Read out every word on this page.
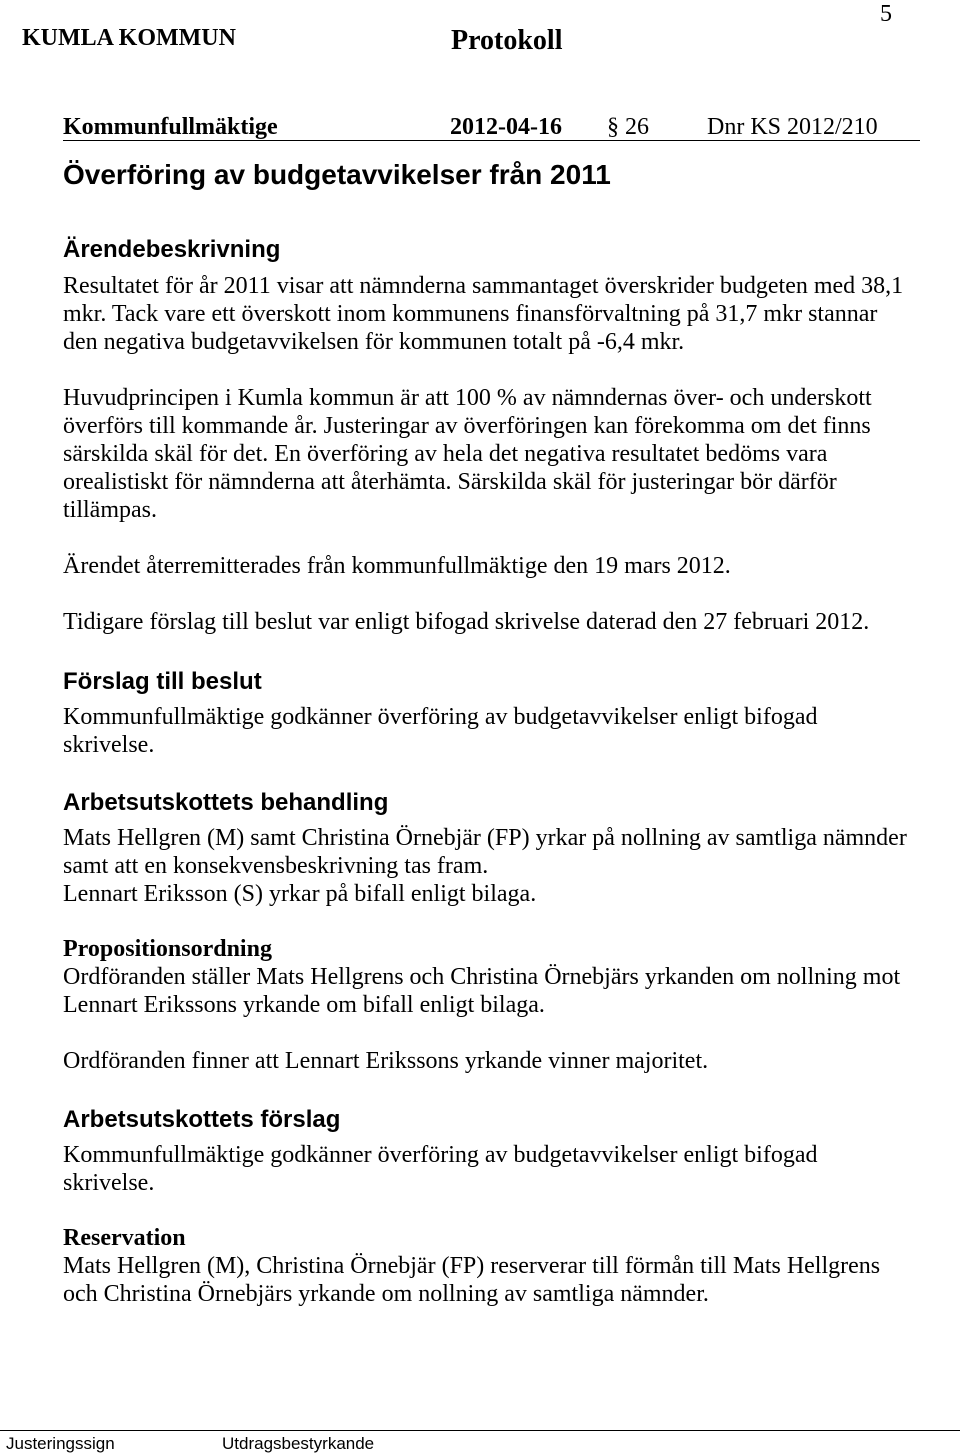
KUMLA KOMMUN	Protokoll
5
Kommunfullmäktige	2012-04-16 § 26 Dnr KS 2012/210
Överföring av budgetavvikelser från 2011
Ärendebeskrivning
Resultatet för år 2011 visar att nämnderna sammantaget överskrider budgeten med 38,1
mkr. Tack vare ett överskott inom kommunens finansförvaltning på 31,7 mkr stannar
den negativa budgetavvikelsen för kommunen totalt på -6,4 mkr.
Huvudprincipen i Kumla kommun är att 100 % av nämndernas över- och underskott
överförs till kommande år. Justeringar av överföringen kan förekomma om det finns
särskilda skäl för det. En överföring av hela det negativa resultatet bedöms vara
orealistiskt för nämnderna att återhämta. Särskilda skäl för justeringar bör därför
tillämpas.
Ärendet återremitterades från kommunfullmäktige den 19 mars 2012.
Tidigare förslag till beslut var enligt bifogad skrivelse daterad den 27 februari 2012.
Förslag till beslut
Kommunfullmäktige godkänner överföring av budgetavvikelser enligt bifogad
skrivelse.
Arbetsutskottets behandling
Mats Hellgren (M) samt Christina Örnebjär (FP) yrkar på nollning av samtliga nämnder
samt att en konsekvensbeskrivning tas fram.
Lennart Eriksson (S) yrkar på bifall enligt bilaga.
Propositionsordning
Ordföranden ställer Mats Hellgrens och Christina Örnebjärs yrkanden om nollning mot
Lennart Erikssons yrkande om bifall enligt bilaga.
Ordföranden finner att Lennart Erikssons yrkande vinner majoritet.
Arbetsutskottets förslag
Kommunfullmäktige godkänner överföring av budgetavvikelser enligt bifogad
skrivelse.
Reservation
Mats Hellgren (M), Christina Örnebjär (FP) reserverar till förmån till Mats Hellgrens
och Christina Örnebjärs yrkande om nollning av samtliga nämnder.
Justeringssign	Utdragsbestyrkande
